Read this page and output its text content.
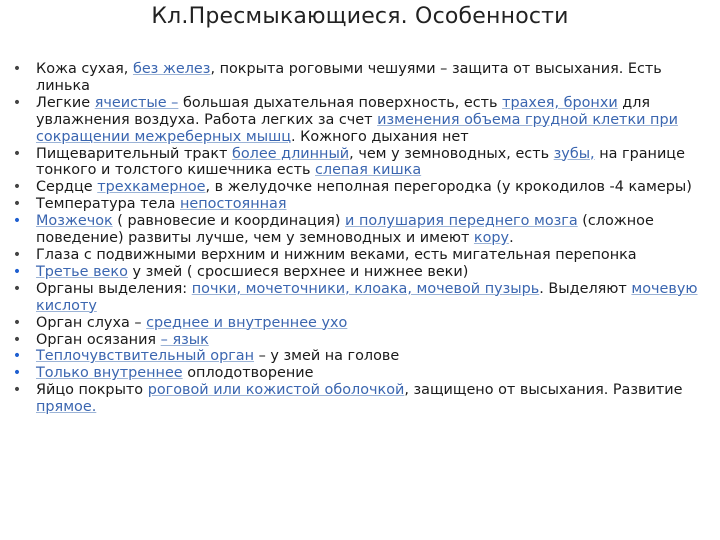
Кл.Пресмыкающиеся. Особенности
•	Кожа сухая, без желез, покрыта роговыми чешуями – защита от высыхания. Есть линька
•	Легкие ячеистые – большая дыхательная поверхность, есть трахея, бронхи для увлажнения воздуха. Работа легких за счет изменения объема грудной клетки при сокращении межреберных мышц. Кожного дыхания нет
•	Пищеварительный тракт более длинный, чем у земноводных, есть зубы, на границе тонкого и толстого кишечника есть слепая кишка
•	Сердце трехкамерное, в желудочке неполная перегородка (у крокодилов -4 камеры)
•	Температура тела непостоянная
•	Мозжечок ( равновесие и координация) и полушария переднего мозга (сложное поведение) развиты лучше, чем у земноводных и имеют кору.
•	Глаза с подвижными верхним и нижним веками, есть мигательная перепонка
•	Третье веко у змей ( сросшиеся верхнее и нижнее веки)
•	Органы выделения: почки, мочеточники, клоака, мочевой пузырь. Выделяют мочевую кислоту
•	Орган слуха – среднее и внутреннее ухо
•	Орган осязания – язык
•	Теплочувствительный орган – у змей на голове
•	Только внутреннее оплодотворение
•	Яйцо покрыто роговой или кожистой оболочкой, защищено от высыхания. Развитие прямое.
